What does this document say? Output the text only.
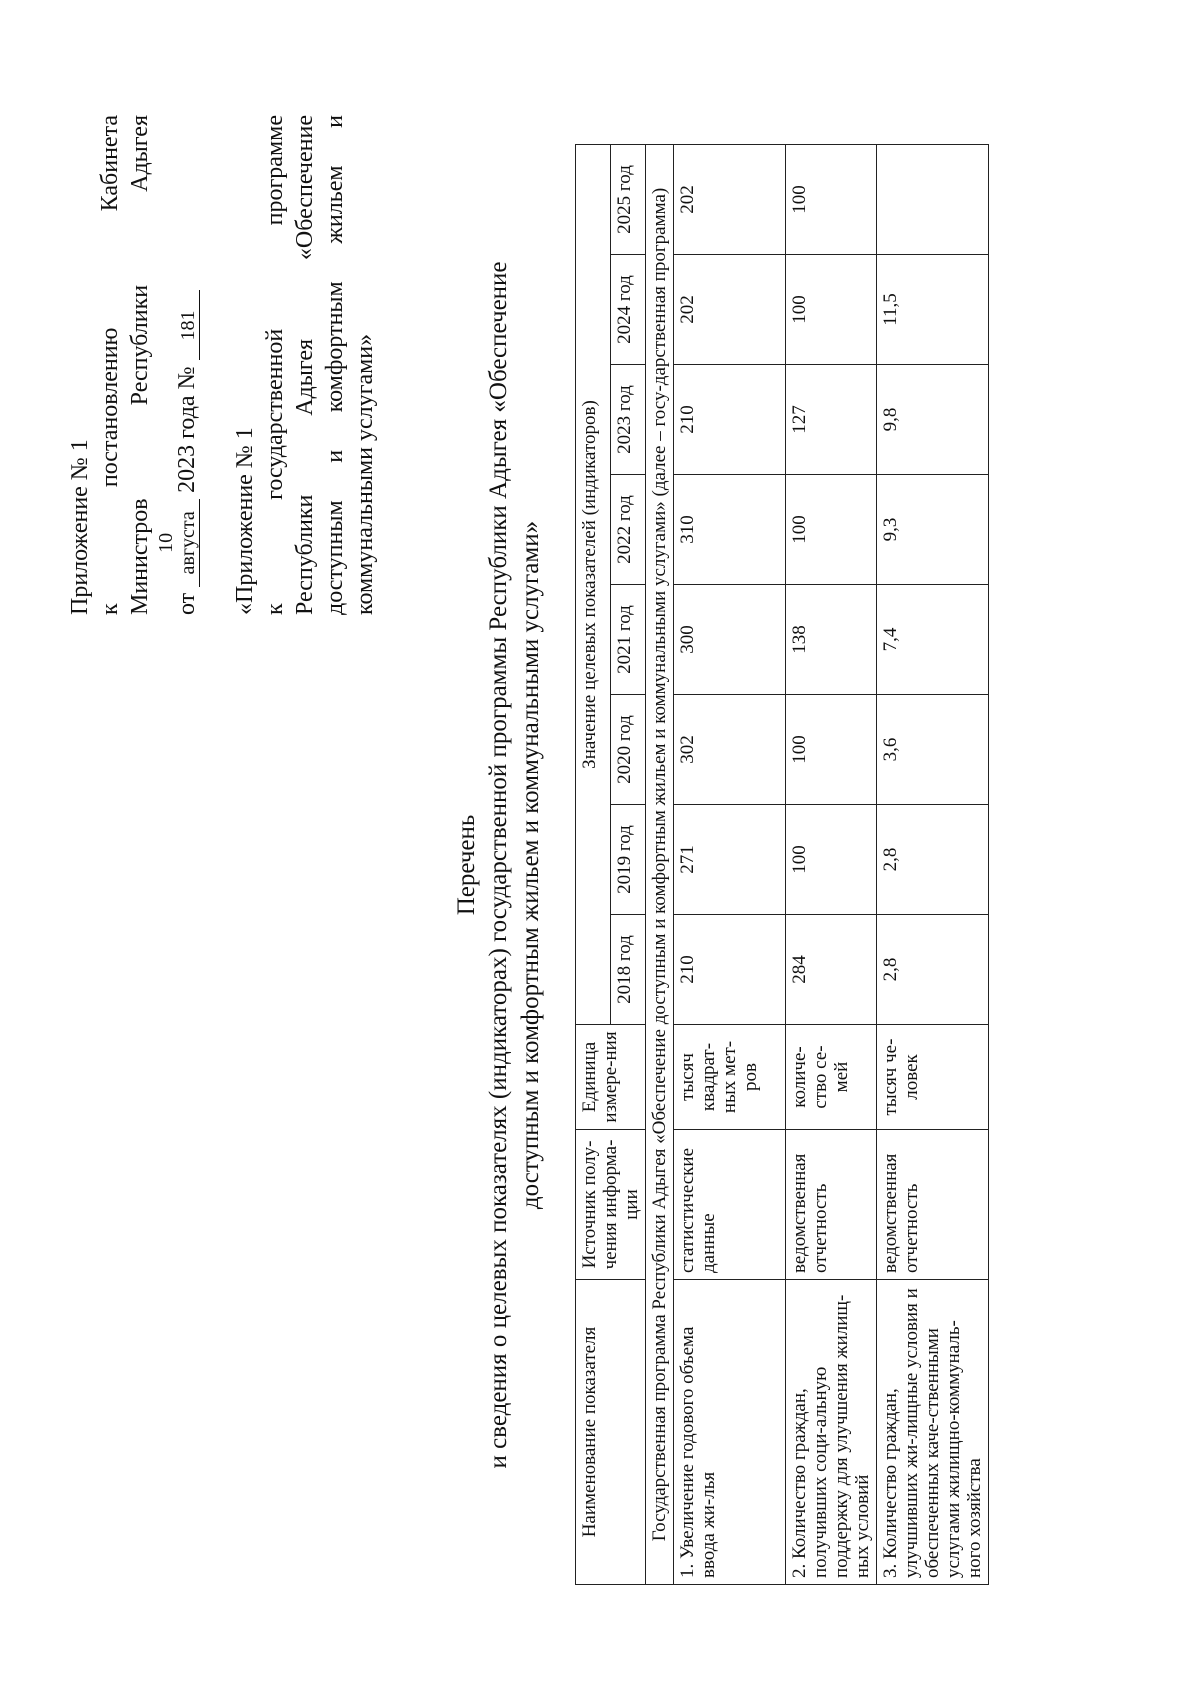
Приложение № 1 к постановлению Кабинета

Министров Республики Адыгея

от 10 августа 2023 года № 181

«Приложение № 1 к государственной программе Республики Адыгея «Обеспечение доступным и комфортным жильем и коммунальными услугами»

Перечень и сведения о целевых показателях (индикаторах) государственной программы Республики Адыгея «Обеспечение доступным и комфортным жильем и коммунальными услугами»
Наименование показателя	Источник полу-чения информа-ции	Единица измере-ния	Значение целевых показателей (индикаторов)							
			2018 год	2019 год	2020 год	2021 год	2022 год	2023 год	2024 год	2025 год
Государственная программа Республики Адыгея «Обеспечение доступным и комфортным жильем и коммунальными услугами» (далее – госу-дарственная программа)										
1. Увеличение годового объема ввода жи-лья	статистические данные	тысяч квадрат-ных мет-ров	210	271	302	300	310	210	202	202
2. Количество граждан, получивших соци-альную поддержку для улучшения жилищ-ных условий	ведомственная отчетность	количе-ство се-мей	284	100	100	138	100	127	100	100
3. Количество граждан, улучшивших жи-лищные условия и обеспеченных каче-ственными услугами жилищно-коммуналь-ного хозяйства	ведомственная отчетность	тысяч че-ловек	2,8	2,8	3,6	7,4	9,3	9,8	11,5	
